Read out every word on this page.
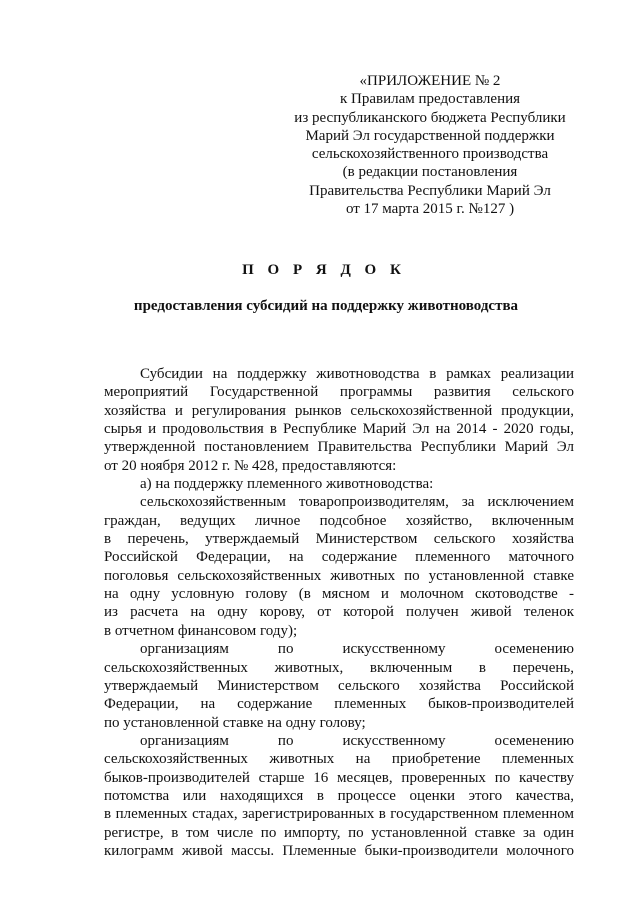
«ПРИЛОЖЕНИЕ № 2
к Правилам предоставления
из республиканского бюджета Республики
Марий Эл государственной поддержки
сельскохозяйственного производства
(в редакции постановления
Правительства Республики Марий Эл
от 17 марта 2015 г. №127 )
П О Р Я Д О К
предоставления субсидий на поддержку животноводства
Субсидии на поддержку животноводства в рамках реализации
мероприятий Государственной программы развития сельского
хозяйства и регулирования рынков сельскохозяйственной продукции,
сырья и продовольствия в Республике Марий Эл на 2014 - 2020 годы,
утвержденной постановлением Правительства Республики Марий Эл
от 20 ноября 2012 г. № 428, предоставляются:
а) на поддержку племенного животноводства:
сельскохозяйственным товаропроизводителям, за исключением
граждан, ведущих личное подсобное хозяйство, включенным
в перечень, утверждаемый Министерством сельского хозяйства
Российской Федерации, на содержание племенного маточного
поголовья сельскохозяйственных животных по установленной ставке
на одну условную голову (в мясном и молочном скотоводстве -
из расчета на одну корову, от которой получен живой теленок
в отчетном финансовом году);
организациям по искусственному осеменению
сельскохозяйственных животных, включенным в перечень,
утверждаемый Министерством сельского хозяйства Российской
Федерации, на содержание племенных быков-производителей
по установленной ставке на одну голову;
организациям по искусственному осеменению
сельскохозяйственных животных на приобретение племенных
быков-производителей старше 16 месяцев, проверенных по качеству
потомства или находящихся в процессе оценки этого качества,
в племенных стадах, зарегистрированных в государственном племенном
регистре, в том числе по импорту, по установленной ставке за один
килограмм живой массы. Племенные быки-производители молочного
